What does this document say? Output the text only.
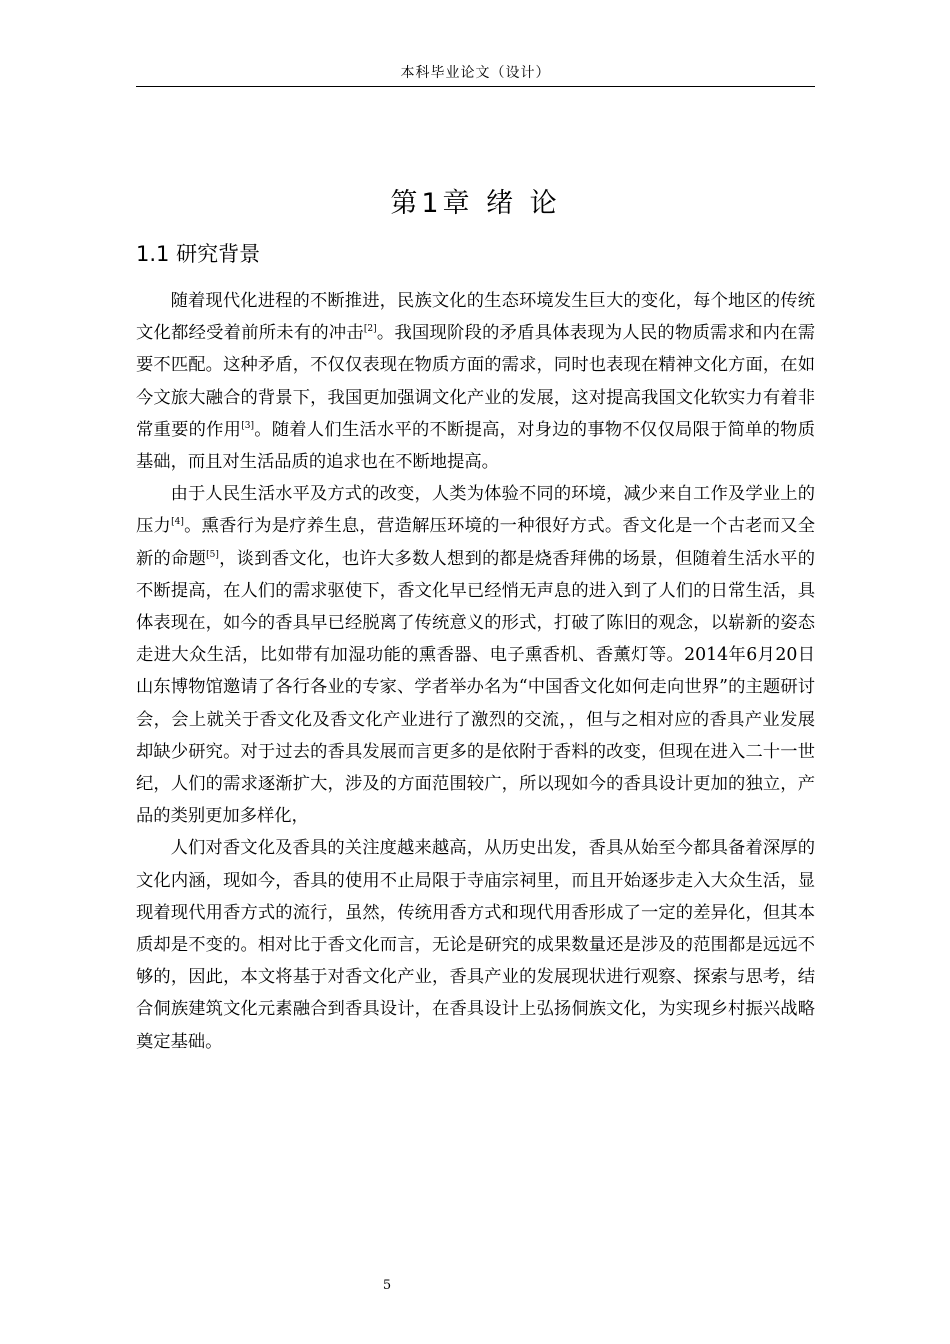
本科毕业论文（设计）
第1章 绪 论
1.1 研究背景

随着现代化进程的不断推进，民族文化的生态环境发生巨大的变化，每个地区的传统文化都经受着前所未有的冲击[2]。我国现阶段的矛盾具体表现为人民的物质需求和内在需要不匹配。这种矛盾，不仅仅表现在物质方面的需求，同时也表现在精神文化方面，在如今文旅大融合的背景下，我国更加强调文化产业的发展，这对提高我国文化软实力有着非常重要的作用[3]。随着人们生活水平的不断提高，对身边的事物不仅仅局限于简单的物质基础，而且对生活品质的追求也在不断地提高。

由于人民生活水平及方式的改变，人类为体验不同的环境，减少来自工作及学业上的压力[4]。熏香行为是疗养生息，营造解压环境的一种很好方式。香文化是一个古老而又全新的命题[5]，谈到香文化，也许大多数人想到的都是烧香拜佛的场景，但随着生活水平的不断提高，在人们的需求驱使下，香文化早已经悄无声息的进入到了人们的日常生活，具体表现在，如今的香具早已经脱离了传统意义的形式，打破了陈旧的观念，以崭新的姿态走进大众生活，比如带有加湿功能的熏香器、电子熏香机、香薰灯等。2014年6月20日山东博物馆邀请了各行各业的专家、学者举办名为“中国香文化如何走向世界”的主题研讨会，会上就关于香文化及香文化产业进行了激烈的交流，，但与之相对应的香具产业发展却缺少研究。对于过去的香具发展而言更多的是依附于香料的改变，但现在进入二十一世纪，人们的需求逐渐扩大，涉及的方面范围较广，所以现如今的香具设计更加的独立，产品的类别更加多样化，

人们对香文化及香具的关注度越来越高，从历史出发，香具从始至今都具备着深厚的文化内涵，现如今，香具的使用不止局限于寺庙宗祠里，而且开始逐步走入大众生活，显现着现代用香方式的流行，虽然，传统用香方式和现代用香形成了一定的差异化，但其本质却是不变的。相对比于香文化而言，无论是研究的成果数量还是涉及的范围都是远远不够的，因此，本文将基于对香文化产业，香具产业的发展现状进行观察、探索与思考，结合侗族建筑文化元素融合到香具设计，在香具设计上弘扬侗族文化，为实现乡村振兴战略奠定基础。

5
